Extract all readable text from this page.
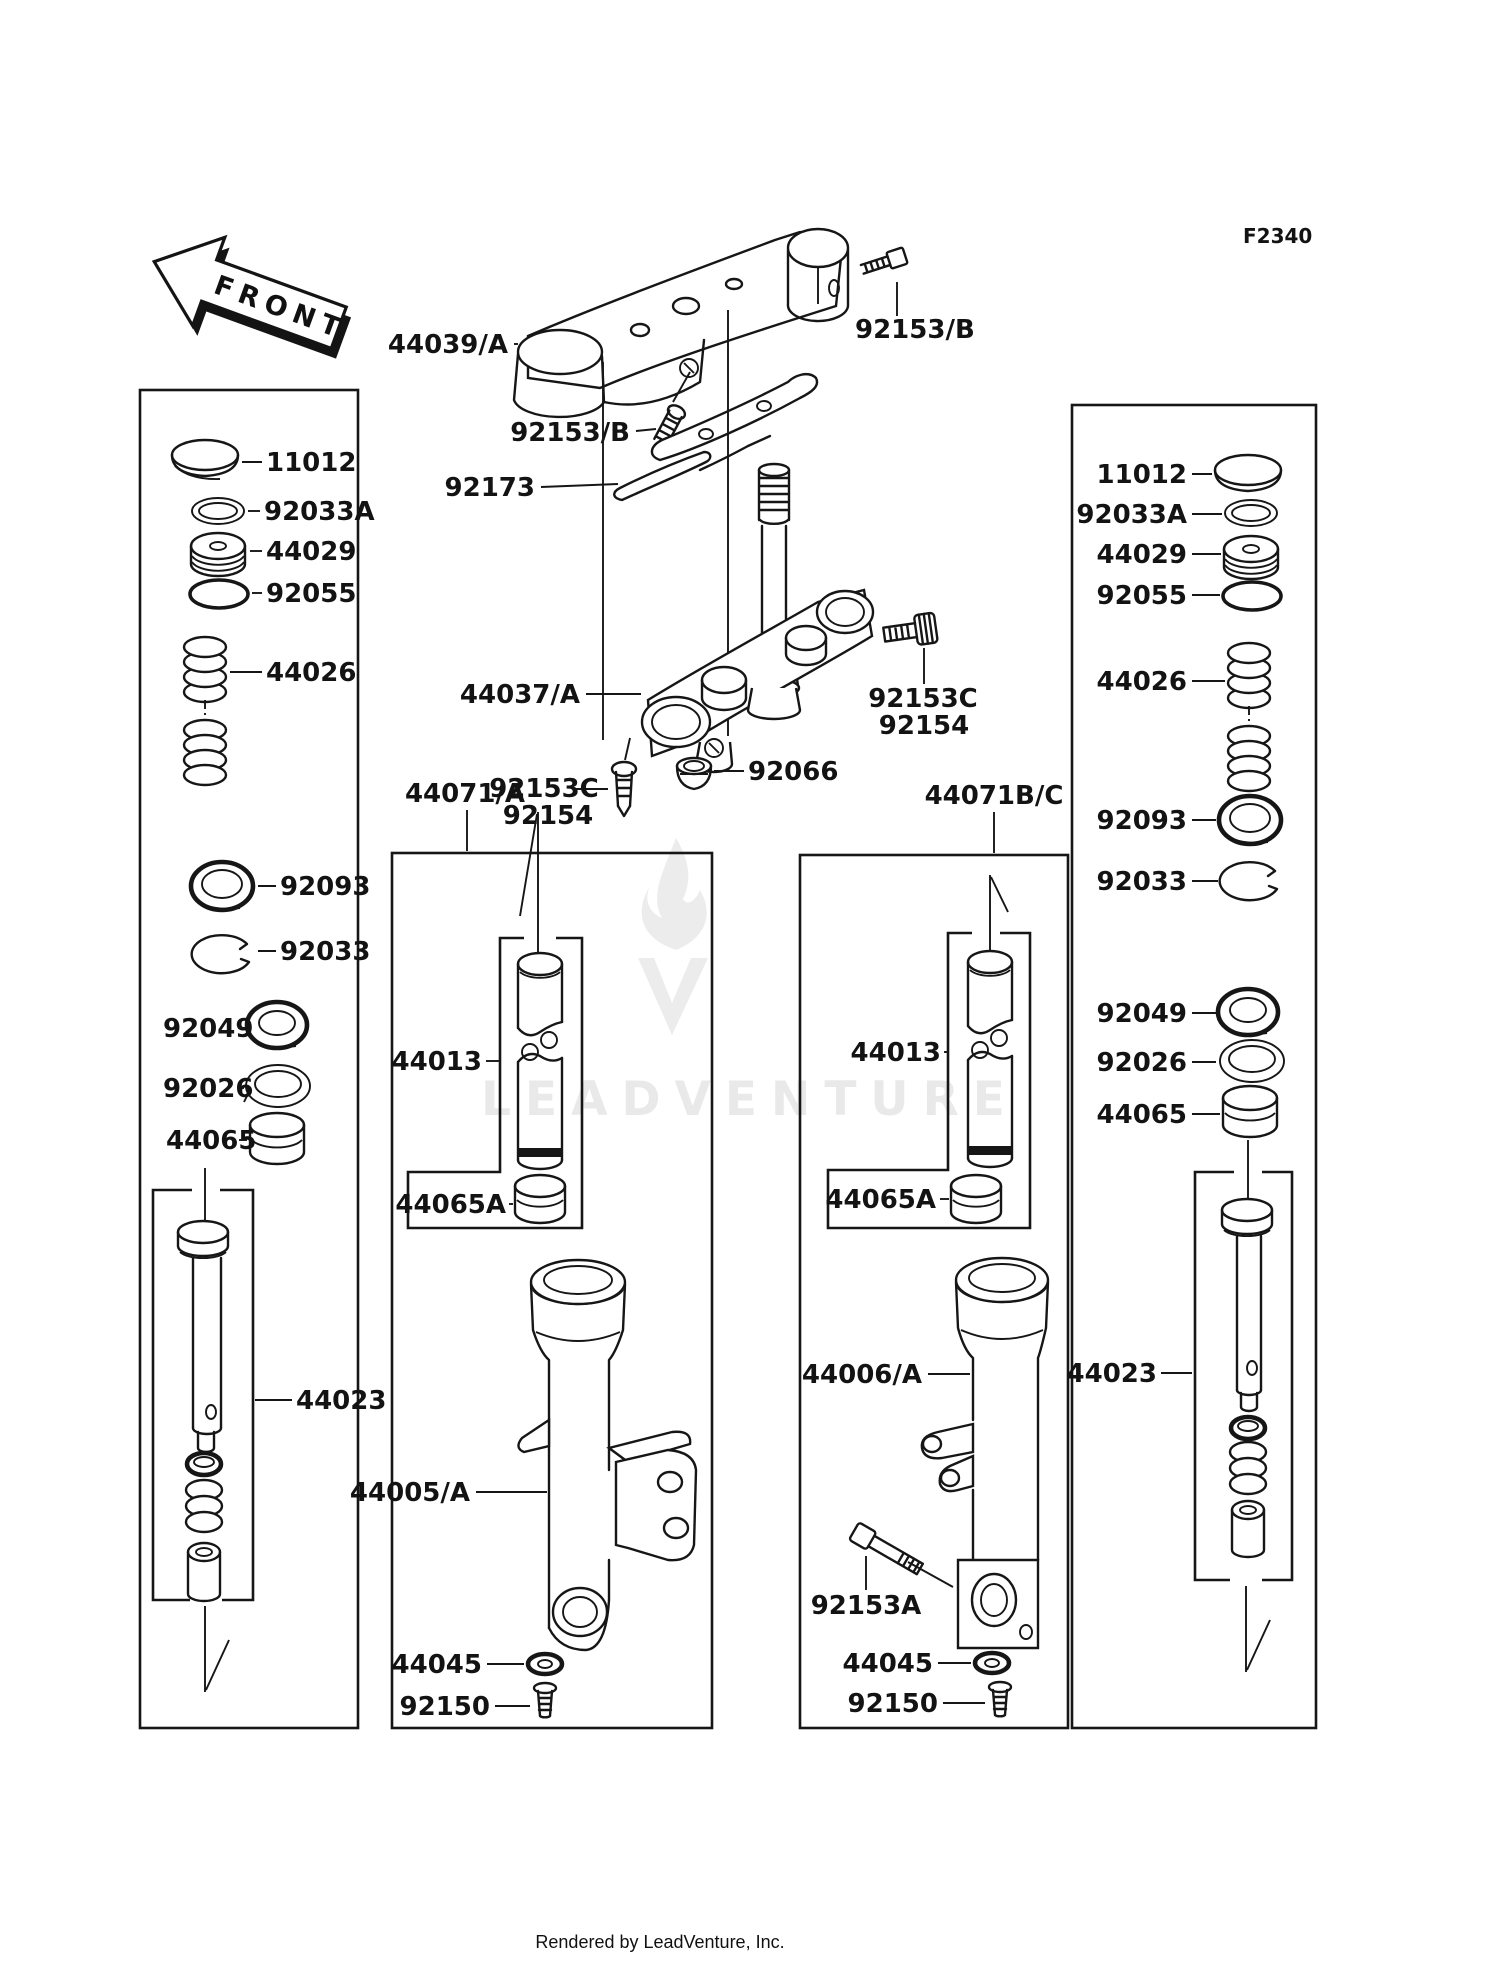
LEADVENTURE
FRONT
F2340
44039/A	92153/B
92153/B
92173
44037/A	92153C
92154
92153C
92154
92066
44071/A	44071B/C
11012
92033A
44029
92055
44026
92093
92033
92049
92026
44065
44023
11012
92033A
44029
92055
44026
92093
92033
92049
92026
44065
44023
44013
44065A
44005/A
44045
92150
44013
44065A
44006/A
92153A
44045
92150
Rendered by LeadVenture, Inc.
